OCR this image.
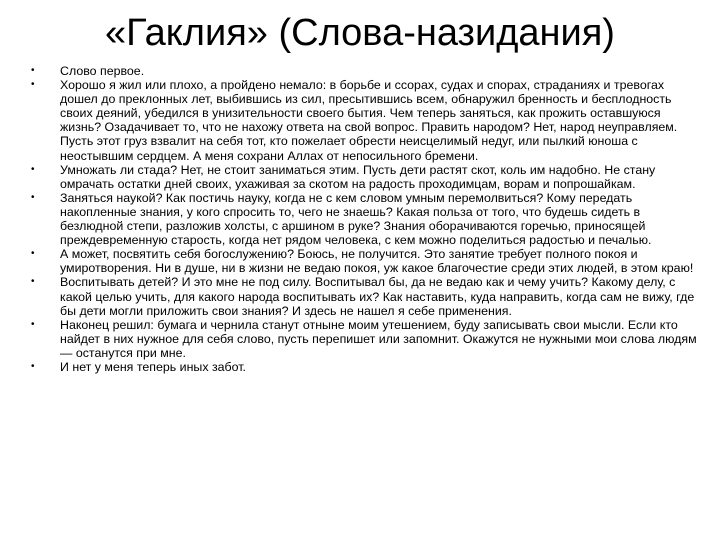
«Гаклия» (Слова-назидания)
• Слово первое.
Хорошо я жил или плохо, а пройдено немало: в борьбе и ссорах, судах и спорах, страданиях и тревогах дошел до преклонных лет, выбившись из сил, пресытившись всем, обнаружил бренность и бесплодность своих деяний, убедился в унизительности своего бытия. Чем теперь заняться, как прожить оставшуюся жизнь? Озадачивает то, что не нахожу ответа на свой вопрос. Править народом? Нет, народ неуправляем. Пусть этот груз взвалит на себя тот, кто пожелает обрести неисцелимый недуг, или пылкий юноша с неостывшим сердцем. А меня сохрани Аллах от непосильного бремени.
•
• Умножать ли стада? Нет, не стоит заниматься этим. Пусть дети растят скот, коль им надобно. Не стану омрачать остатки дней своих, ухаживая за скотом на радость проходимцам, ворам и попрошайкам.
• Заняться наукой? Как постичь науку, когда не с кем словом умным перемолвиться? Кому передать накопленные знания, у кого спросить то, чего не знаешь? Какая польза от того, что будешь сидеть в безлюдной степи, разложив холсты, с аршином в руке? Знания оборачиваются горечью, приносящей преждевременную старость, когда нет рядом человека, с кем можно поделиться радостью и печалью.
• А может, посвятить себя богослужению? Боюсь, не получится. Это занятие требует полного покоя и умиротворения. Ни в душе, ни в жизни не ведаю покоя, уж какое благочестие среди этих людей, в этом краю!
• Воспитывать детей? И это мне не под силу. Воспитывал бы, да не ведаю как и чему учить? Какому делу, с какой целью учить, для какого народа воспитывать их? Как наставить, куда направить, когда сам не вижу, где бы дети могли приложить свои знания? И здесь не нашел я себе применения.
• Наконец решил: бумага и чернила станут отныне моим утешением, буду записывать свои мысли. Если кто найдет в них нужное для себя слово, пусть перепишет или запомнит. Окажутся не нужными мои слова людям — останутся при мне.
• И нет у меня теперь иных забот.
